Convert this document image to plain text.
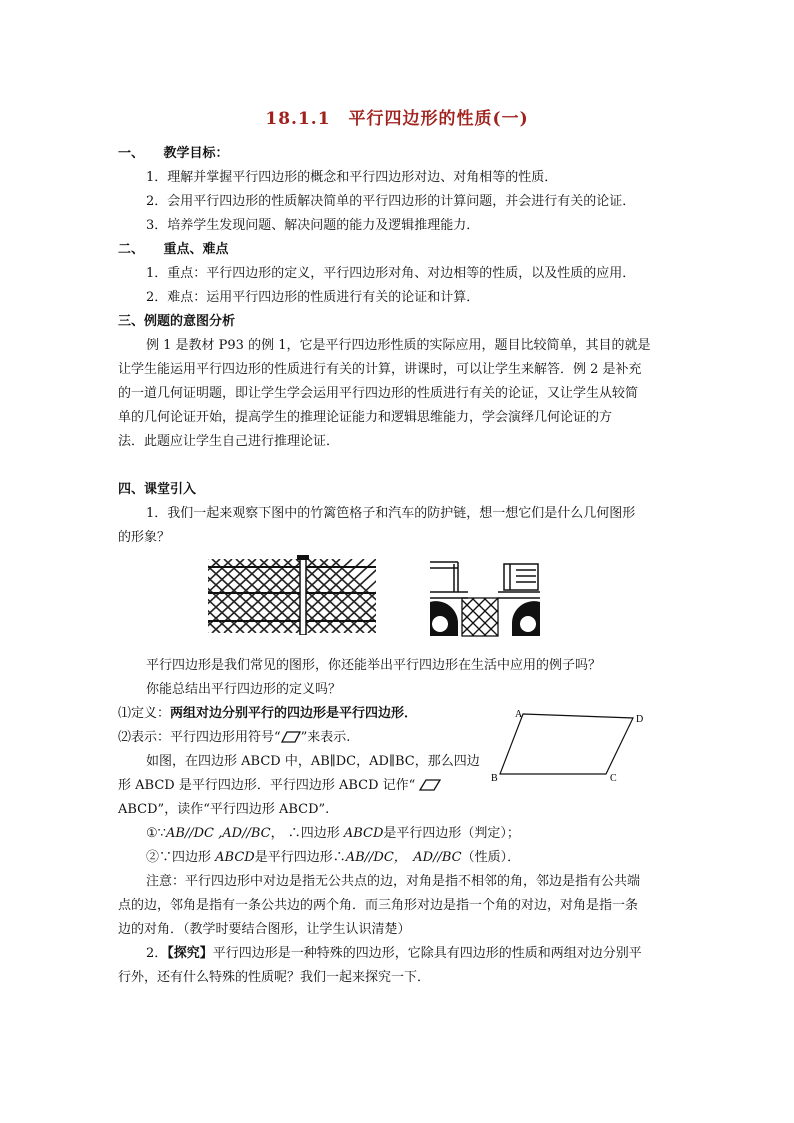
18.1.1　平行四边形的性质(一)
一、　　教学目标：
1．理解并掌握平行四边形的概念和平行四边形对边、对角相等的性质．
2．会用平行四边形的性质解决简单的平行四边形的计算问题，并会进行有关的论证．
3．培养学生发现问题、解决问题的能力及逻辑推理能力．
二、　　重点、难点
1．重点：平行四边形的定义，平行四边形对角、对边相等的性质，以及性质的应用．
2．难点：运用平行四边形的性质进行有关的论证和计算．
三、例题的意图分析
例 1 是教材 P93 的例 1，它是平行四边形性质的实际应用，题目比较简单，其目的就是
让学生能运用平行四边形的性质进行有关的计算，讲课时，可以让学生来解答．例 2 是补充
的一道几何证明题，即让学生学会运用平行四边形的性质进行有关的论证，又让学生从较简
单的几何论证开始，提高学生的推理论证能力和逻辑思维能力，学会演绎几何论证的方
法．此题应让学生自己进行推理论证．
四、课堂引入
1．我们一起来观察下图中的竹篱笆格子和汽车的防护链，想一想它们是什么几何图形
的形象？
平行四边形是我们常见的图形，你还能举出平行四边形在生活中应用的例子吗？
你能总结出平行四边形的定义吗？
⑴定义：两组对边分别平行的四边形是平行四边形．
⑵表示：平行四边形用符号“ ”来表示.
如图，在四边形 ABCD 中，AB∥DC，AD∥BC，那么四边
形 ABCD 是平行四边形．平行四边形 ABCD 记作“
ABCD”，读作“平行四边形 ABCD”.
A	D
B	C
①∵AB//DC ,AD//BC， ∴四边形 ABCD是平行四边形（判定）；
②∵四边形 ABCD是平行四边形∴AB//DC，　AD//BC（性质）．
注意：平行四边形中对边是指无公共点的边，对角是指不相邻的角，邻边是指有公共端
点的边，邻角是指有一条公共边的两个角．而三角形对边是指一个角的对边，对角是指一条
边的对角．（教学时要结合图形，让学生认识清楚）
2．【探究】平行四边形是一种特殊的四边形，它除具有四边形的性质和两组对边分别平
行外，还有什么特殊的性质呢？我们一起来探究一下．
